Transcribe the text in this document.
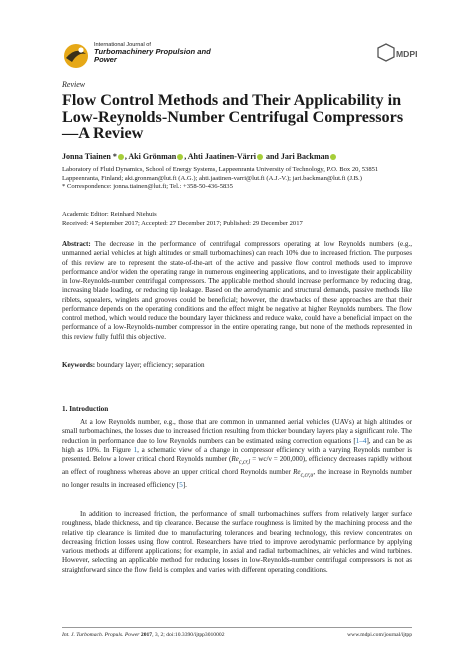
International Journal of
Turbomachinery Propulsion and Power
MDPI
Review
Flow Control Methods and Their Applicability in Low-Reynolds-Number Centrifugal Compressors—A Review
Jonna Tiainen * , Aki Grönman , Ahti Jaatinen-Värri and Jari Backman
Laboratory of Fluid Dynamics, School of Energy Systems, Lappeenranta University of Technology, P.O. Box 20, 53851 Lappeenranta, Finland; aki.gronman@lut.fi (A.G.); ahti.jaatinen-varri@lut.fi (A.J.-V.); jari.backman@lut.fi (J.B.)
* Correspondence: jonna.tiainen@lut.fi; Tel.: +358-50-436-5835
Academic Editor: Reinhard Niehuis
Received: 4 September 2017; Accepted: 27 December 2017; Published: 29 December 2017
Abstract: The decrease in the performance of centrifugal compressors operating at low Reynolds numbers (e.g., unmanned aerial vehicles at high altitudes or small turbomachines) can reach 10% due to increased friction. The purposes of this review are to represent the state-of-the-art of the active and passive flow control methods used to improve performance and/or widen the operating range in numerous engineering applications, and to investigate their applicability in low-Reynolds-number centrifugal compressors. The applicable method should increase performance by reducing drag, increasing blade loading, or reducing tip leakage. Based on the aerodynamic and structural demands, passive methods like riblets, squealers, winglets and grooves could be beneficial; however, the drawbacks of these approaches are that their performance depends on the operating conditions and the effect might be negative at higher Reynolds numbers. The flow control method, which would reduce the boundary layer thickness and reduce wake, could have a beneficial impact on the performance of a low-Reynolds-number compressor in the entire operating range, but none of the methods represented in this review fully fulfil this objective.
Keywords: boundary layer; efficiency; separation
1. Introduction
At a low Reynolds number, e.g., those that are common in unmanned aerial vehicles (UAVs) at high altitudes or small turbomachines, the losses due to increased friction resulting from thicker boundary layers play a significant role. The reduction in performance due to low Reynolds numbers can be estimated using correction equations [1–4], and can be as high as 10%. In Figure 1, a schematic view of a change in compressor efficiency with a varying Reynolds number is presented. Below a lower critical chord Reynolds number $(Re_{c,cr,l} = wc/\nu = 200,000)$, efficiency decreases rapidly without an effect of roughness whereas above an upper critical chord Reynolds number $Re_{c,cr,u}$, the increase in Reynolds number no longer results in increased efficiency [5].
In addition to increased friction, the performance of small turbomachines suffers from relatively larger surface roughness, blade thickness, and tip clearance. Because the surface roughness is limited by the machining process and the relative tip clearance is limited due to manufacturing tolerances and bearing technology, this review concentrates on decreasing friction losses using flow control. Researchers have tried to improve aerodynamic performance by applying various methods at different applications; for example, in axial and radial turbomachines, air vehicles and wind turbines. However, selecting an applicable method for reducing losses in low-Reynolds-number centrifugal compressors is not as straightforward since the flow field is complex and varies with different operating conditions.
Int. J. Turbomach. Propuls. Power 2017, 3, 2; doi:10.3390/ijtpp3010002	www.mdpi.com/journal/ijtpp
